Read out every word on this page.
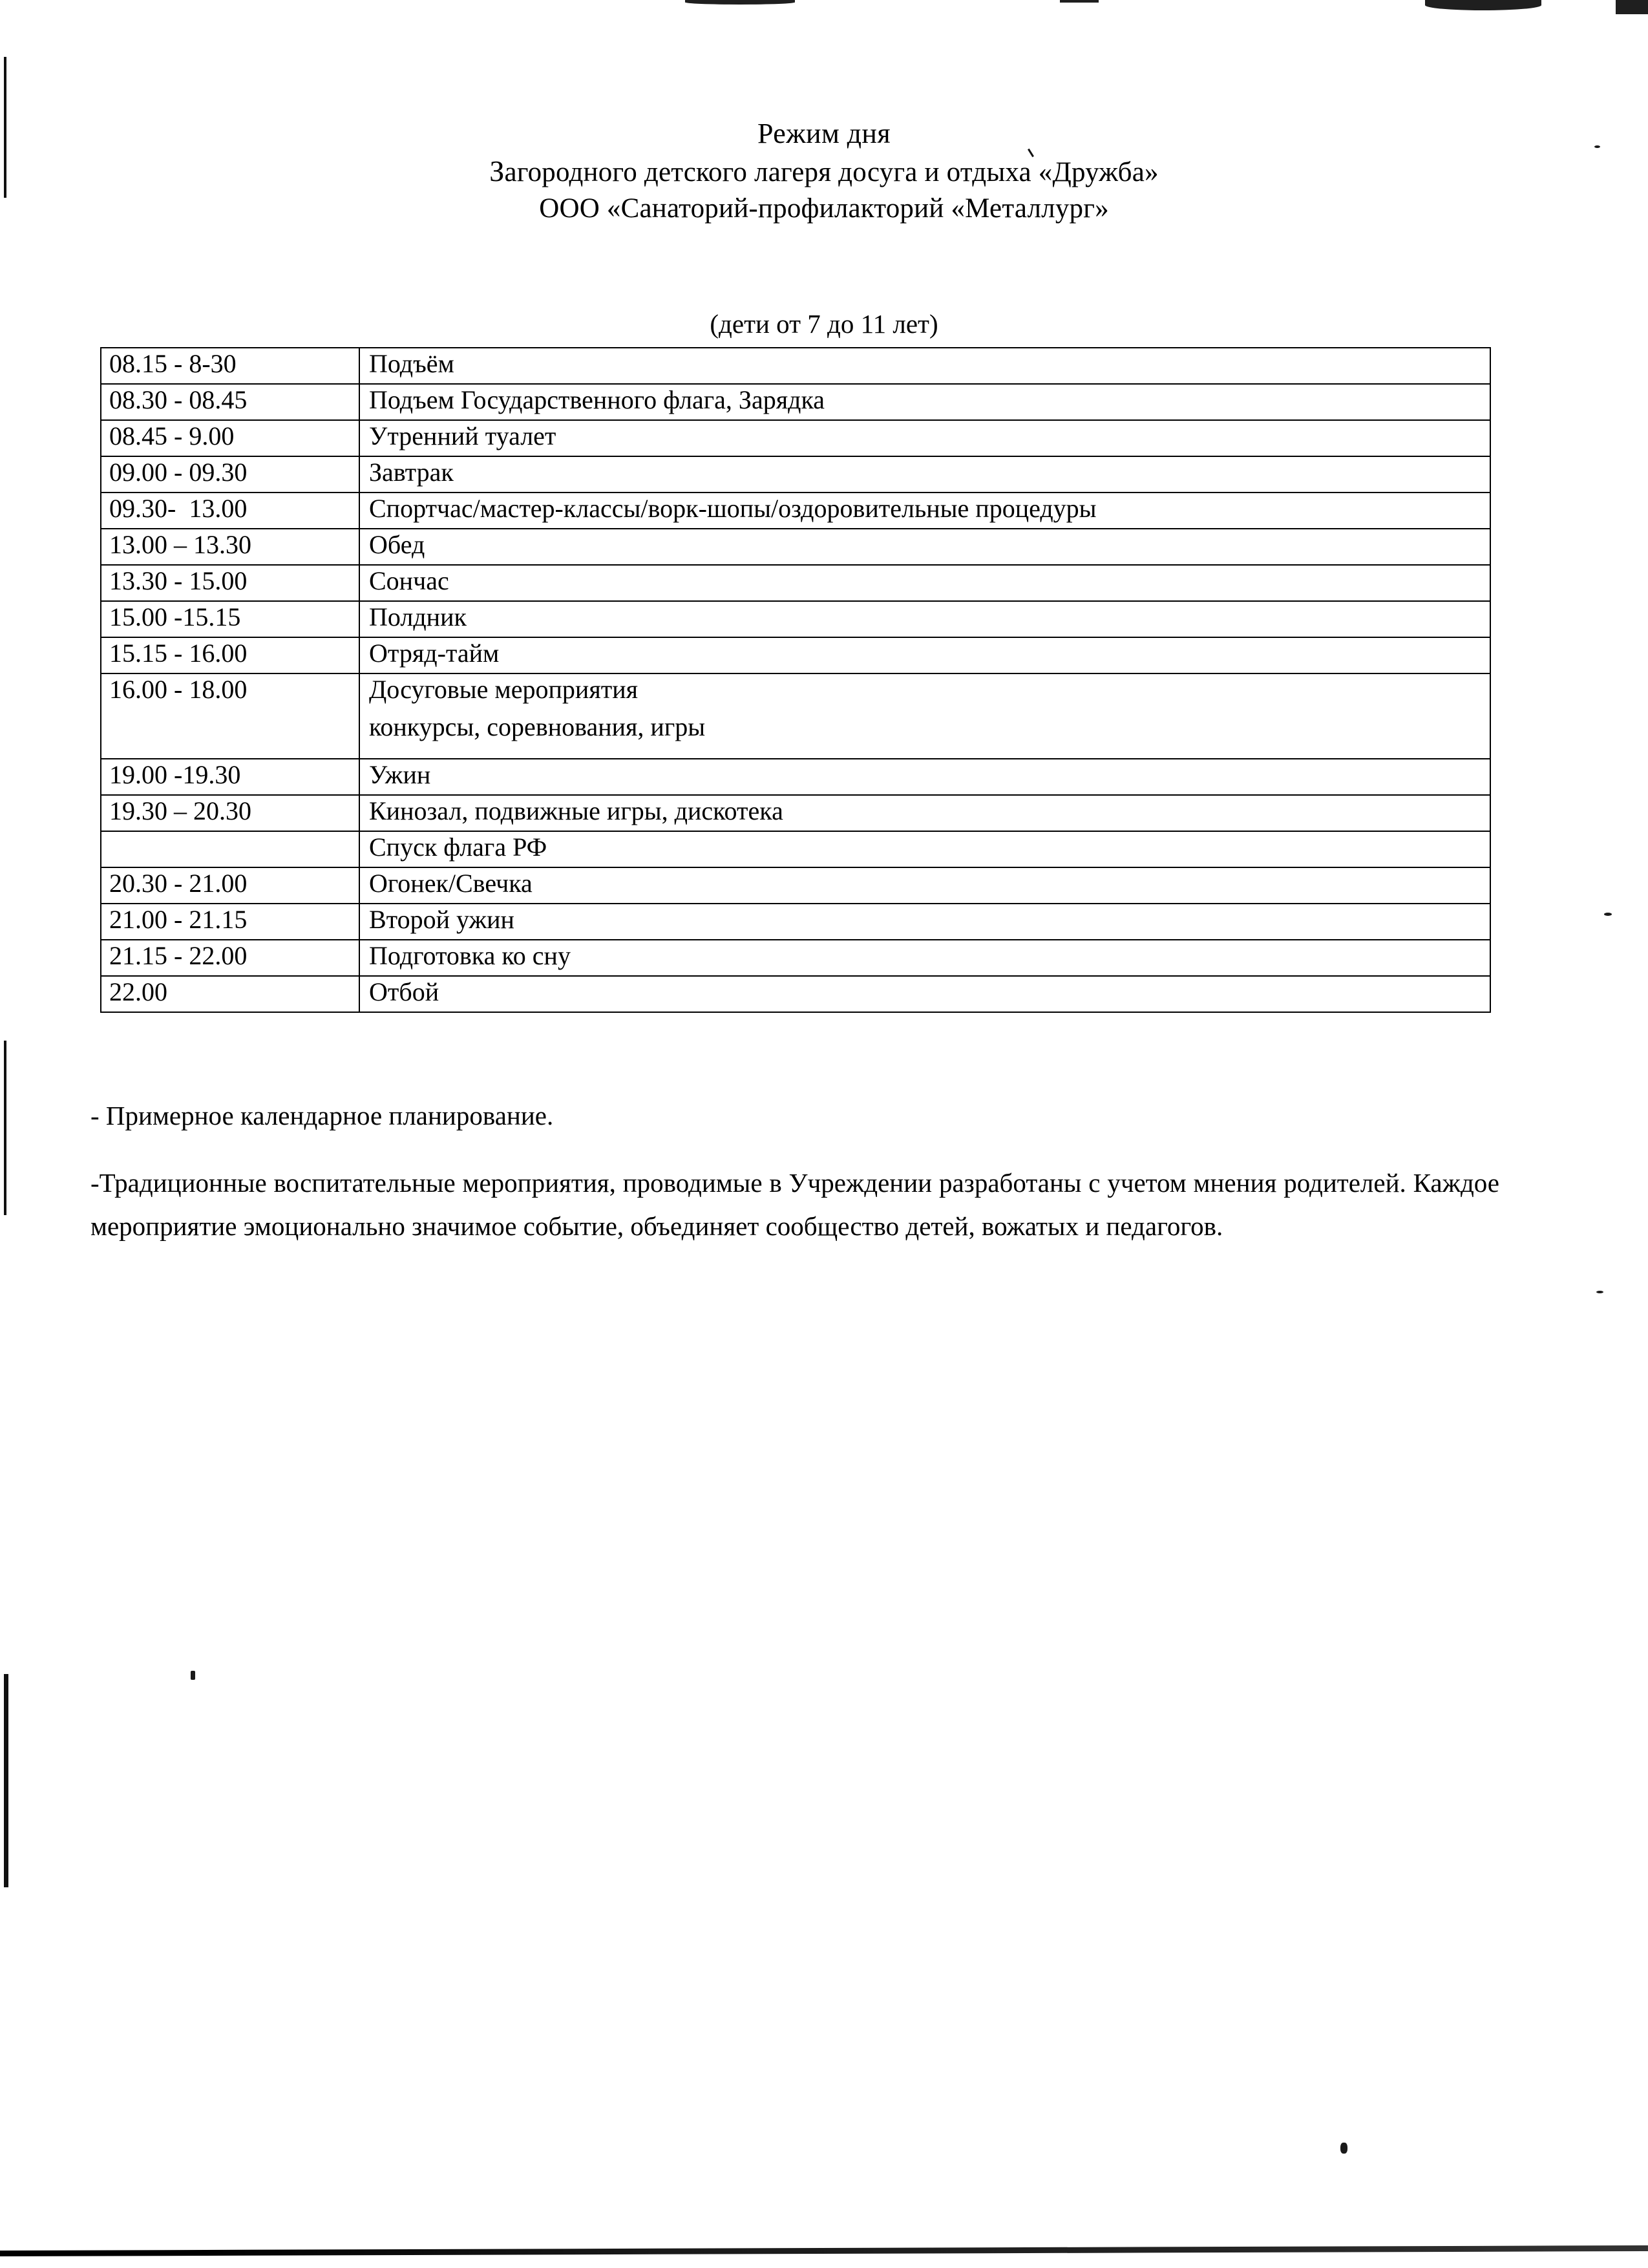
Режим дня
Загородного детского лагеря досуга и отдыха «Дружба»
ООО «Санаторий-профилакторий «Металлург»
(дети от 7 до 11 лет)
08.15 - 8-30	Подъём
08.30 - 08.45	Подъем Государственного флага, Зарядка
08.45 - 9.00	Утренний туалет
09.00 - 09.30	Завтрак
09.30-  13.00	Спортчас/мастер-классы/ворк-шопы/оздоровительные процедуры
13.00 – 13.30	Обед
13.30 - 15.00	Сончас
15.00 -15.15	Полдник
15.15 - 16.00	Отряд-тайм
16.00 - 18.00	Досуговые мероприятия
конкурсы, соревнования, игры

19.00 -19.30	Ужин
19.30 – 20.30	Кинозал, подвижные игры, дискотека
	Спуск флага РФ
20.30 - 21.00	Огонек/Свечка
21.00 - 21.15	Второй ужин
21.15 - 22.00	Подготовка ко сну
22.00	Отбой

- Примерное календарное планирование.

-Традиционные воспитательные мероприятия, проводимые в Учреждении разработаны с учетом мнения родителей. Каждое мероприятие эмоционально значимое событие, объединяет сообщество детей, вожатых и педагогов.
